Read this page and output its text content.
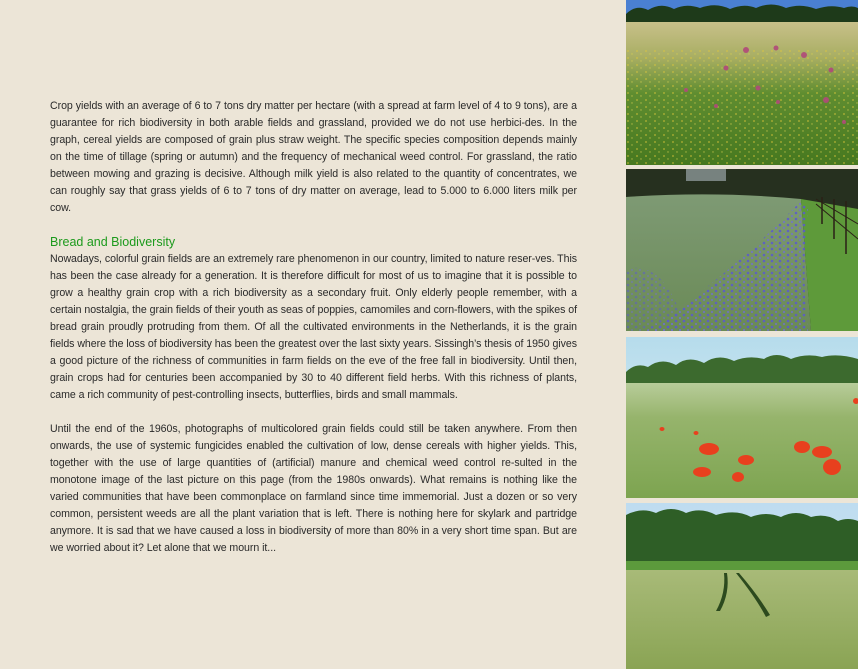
Crop yields with an average of 6 to 7 tons dry matter per hectare (with a spread at farm level of 4 to 9 tons), are a guarantee for rich biodiversity in both arable fields and grassland, provided we do not use herbici-des. In the graph, cereal yields are composed of grain plus straw weight. The specific species composition depends mainly on the time of tillage (spring or autumn) and the frequency of mechanical weed control. For grassland, the ratio between mowing and grazing is decisive. Although milk yield is also related to the quantity of concentrates, we can roughly say that grass yields of 6 to 7 tons of dry matter on average, lead to 5.000 to 6.000 liters milk per cow.

Bread and Biodiversity

Nowadays, colorful grain fields are an extremely rare phenomenon in our country, limited to nature reser-ves. This has been the case already for a generation. It is therefore difficult for most of us to imagine that it is possible to grow a healthy grain crop with a rich biodiversity as a secondary fruit. Only elderly people remember, with a certain nostalgia, the grain fields of their youth as seas of poppies, camomiles and corn-flowers, with the spikes of bread grain proudly protruding from them. Of all the cultivated environments in the Netherlands, it is the grain fields where the loss of biodiversity has been the greatest over the last sixty years. Sissingh’s thesis of 1950 gives a good picture of the richness of communities in farm fields on the eve of the free fall in biodiversity. Until then, grain crops had for centuries been accompanied by 30 to 40 different field herbs. With this richness of plants, came a rich community of pest-controlling insects, butterflies, birds and small mammals.

Until the end of the 1960s, photographs of multicolored grain fields could still be taken anywhere. From then onwards, the use of systemic fungicides enabled the cultivation of low, dense cereals with higher yields. This, together with the use of large quantities of (artificial) manure and chemical weed control re-sulted in the monotone image of the last picture on this page (from the 1980s onwards). What remains is nothing like the varied communities that have been commonplace on farmland since time immemorial. Just a dozen or so very common, persistent weeds are all the plant variation that is left. There is nothing here for skylark and partridge anymore. It is sad that we have caused a loss in biodiversity of more than 80% in a very short time span. But are we worried about it? Let alone that we mourn it...
